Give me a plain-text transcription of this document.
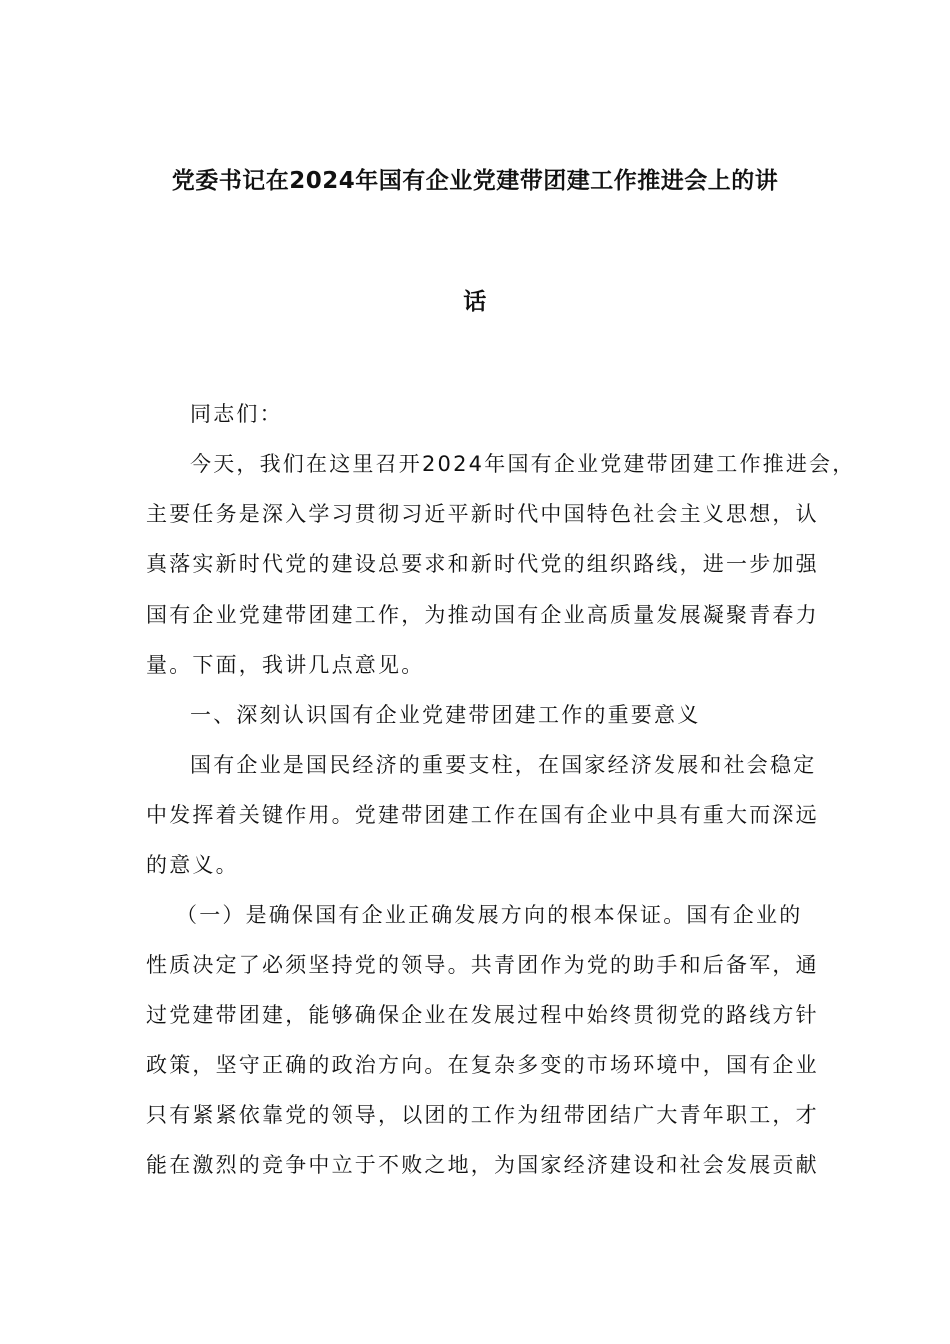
党委书记在2024年国有企业党建带团建工作推进会上的讲
话

同志们：

今天，我们在这里召开2024年国有企业党建带团建工作推进会，

主要任务是深入学习贯彻习近平新时代中国特色社会主义思想，认

真落实新时代党的建设总要求和新时代党的组织路线，进一步加强

国有企业党建带团建工作，为推动国有企业高质量发展凝聚青春力

量。下面，我讲几点意见。

一、深刻认识国有企业党建带团建工作的重要意义

国有企业是国民经济的重要支柱，在国家经济发展和社会稳定

中发挥着关键作用。党建带团建工作在国有企业中具有重大而深远

的意义。

（一）是确保国有企业正确发展方向的根本保证。国有企业的

性质决定了必须坚持党的领导。共青团作为党的助手和后备军，通

过党建带团建，能够确保企业在发展过程中始终贯彻党的路线方针

政策，坚守正确的政治方向。在复杂多变的市场环境中，国有企业

只有紧紧依靠党的领导，以团的工作为纽带团结广大青年职工，才

能在激烈的竞争中立于不败之地，为国家经济建设和社会发展贡献
